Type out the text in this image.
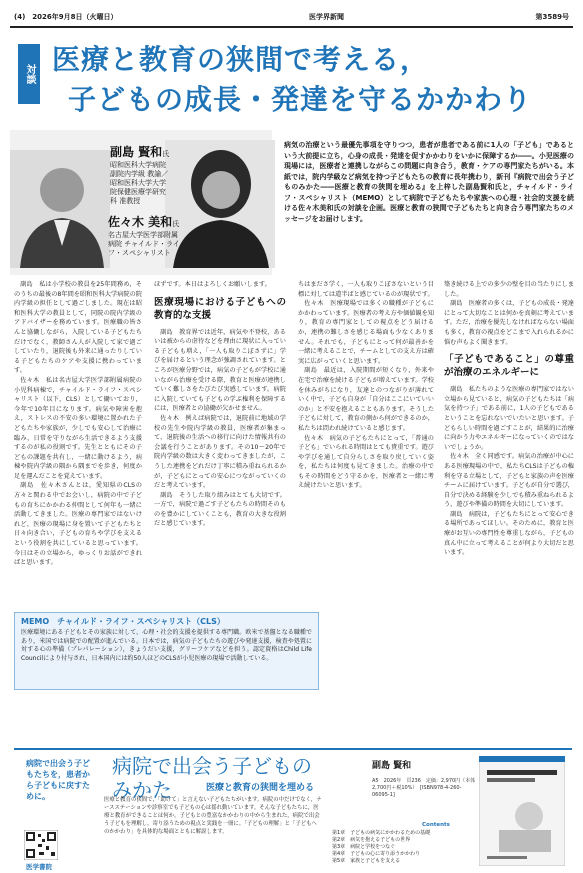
(4)　2026年9月8日（火曜日）	医学界新聞	第3589号
対談 医療と教育の狭間で考える，
子どもの成長・発達を守るかかわり
副島 賢和氏
昭和医科大学病院副院内学級 教諭／昭和医科大学大学院保健医療学研究科 准教授
佐々木 美和氏
名古屋大学医学部附属病院 チャイルド・ライフ・スペシャリスト
病気の治療という最優先事項を守りつつ，患者が患者である前に1人の「子ども」であるという大前提に立ち，心身の成長・発達を促すかかわりをいかに保障するか――。小児医療の現場には，医療者と連携しながらこの問題に向き合う，教育・ケアの専門家たちがいる。本紙では，院内学級など病気を持つ子どもたちの教育に長年携わり，新刊『病院で出会う子どものみかた――医療と教育の狭間を埋める』を上梓した副島賢和氏と，チャイルド・ライフ・スペシャリスト（MEMO）として病院で子どもたちや家族への心理・社会的支援を続ける佐々木美和氏の対談を企画。医療と教育の狭間で子どもたちと向き合う専門家たちのメッセージをお届けします。

副島　私は小学校の教員を25年間務め，そのうちの最後の8年間を昭和医科大学病院の院内学級の担任として過ごしました。現在は昭和医科大学の教員として，同院の院内学級のアドバイザーを務めています。医療職の皆さんと協働しながら，入院している子どもたちだけでなく，教師さん人が入院して家で過ごしていたり，退院後も外来に通ったりしている子どもたちのケアや支援に携わっています。

佐々木　私は名古屋大学医学部附属病院の小児科病棟で，チャイルド・ライフ・スペシャリスト（以下，CLS）として働いており，今年で10年目になります。病気や障害を抱え，ストレスの不安の多い環境に置かれた子どもたちや家族が，少しでも安心して治療に臨み，日常を守りながら生活できるよう支援するのが私の役割です。先生とともにその子どもの課題を共有し，一緒に動けるよう，病棟や院内学級の隅から隅までを歩き，何度か足を運んだことを覚えています。

副島　佐々木さんとは，愛知県のCLSの方々と関わる中でお会いし，病院の中で子どもの育ちにかかわる仲間として何年も一緒に活動してきました。医療の専門家ではないけれど，医療の現場に身を置いて子どもたちと日々向き合い，子どもの育ちや学びを支えるという役割を共にしていると思っています。今日はその立場から，ゆっくりお話ができればと思います。

ほずです。本日はよろしくお願いします。

医療現場における子どもへの教育的な支援

副島　教育界では近年，病気や不登校，あるいは被からの虐待などを理由に現状に入っている子どもも増え，「一人も取りこぼさずに」学びを届けるという理念が強調されています。ところが医療分野では，病気の子どもが学校に通いながら治療を受ける際，教育と医療が連携していく難しさをたびたび実感しています。病院に入院していても子どもの学ぶ権利を保障するには，医療者との協働が欠かせません。

佐々木　例えば病院では，退院前に地域の学校の先生や院内学級の教員，医療者が集まって，退院後の生活への移行に向けた情報共有の会議を行うことがあります。その10～20年で院内学級の数は大きく変わってきましたが，こうした連携をどれだけ丁寧に積み重ねられるかが，子どもにとっての安心につながっていくのだと考えています。

副島　そうした取り組みはとても大切です。一方で，病院で過ごす子どもたちの時間そのものを豊かにしていくことも，教育の大きな役割だと感じています。

ちはまださ学く，一人も取りこぼさないという目標に対しては道半ばと感じているのが現状です。

佐々木　医療現場では多くの職種が子どもにかかわっています。医療者の考え方や価値観を知り，教育の専門家としての視点をどう届けるか，連携の難しさを感じる場面も少なくありません。それでも，子どもにとって何が最善かを一緒に考えることで，チームとしての支え方は確実に広がっていくと思います。

副島　最近は，入院期間が短くなり，外来や在宅で治療を続ける子どもが増えています。学校を休みがちになり，友達とのつながりが薄れていく中で，子ども自身が「自分はここにいていいのか」と不安を抱えることもあります。そうした子どもに対して，教育の側から何ができるのか，私たちは問われ続けていると感じます。

佐々木　病気の子どもたちにとって，「普通の子ども」でいられる時間はとても貴重です。遊びや学びを通して自分らしさを取り戻していく姿を，私たちは何度も見てきました。治療の中でもその時間をどう守るかを，医療者と一緒に考え続けたいと思います。

築き続ける上での多少の壁を目の当たりにしました。

副島　医療者の多くは，子どもの成長・発達にとって大切なことは何かを真剣に考えています。ただ，治療を優先しなければならない場面も多く，教育の視点をどこまで入れられるかに悩む声もよく聞きます。

「子どもであること」の尊重が治療のエネルギーに

副島　私たちのような医療の専門家ではない立場から見ていると，病気の子どもたちは「病気を持つ子」である前に，1人の子どもであるということを忘れないでいたいと思います。子どもらしい時間を過ごすことが，結果的に治療に向かう力やエネルギーになっていくのではないでしょうか。

佐々木　全く同感です。病気の治療が中心にある医療現場の中で，私たちCLSは子どもの権利を守る立場として，子どもと家族の声を医療チームに届けています。子どもが自分で選び，自分で決める経験を少しでも積み重ねられるよう，遊びや準備の時間を大切にしています。

副島　病院は，子どもたちにとって安心できる場所であってほしい。そのために，教育と医療がお互いの専門性を尊重しながら，子どもの真ん中に立って考えることが何より大切だと思います。

MEMO　チャイルド・ライフ・スペシャリスト（CLS）
医療環境にある子どもとその家族に対して，心理・社会的支援を提供する専門職。欧米で基盤となる職種であり，米国では病院での配置が進んでいる。日本では，病気の子どもたちの遊びや発達支援，検査や処置に対する心の準備（プレパレーション），きょうだい支援，グリーフケアなどを担う。認定資格はChild Life Councilにより付与され，日本国内には約50人ほどのCLSが小児医療の現場で活動している。
病院で出会う子どもたちを，患者から子どもに戻すために。
病院で出会う子どもの
みかた	医療と教育の狭間を埋める
副島 賢和
A5　2026年　頁236　定価：2,970円（本体2,700円＋税10%）　[ISBN978-4-260-06095-1]
医療と教育の狭間で，「助けて」と言えない子どもたちがいます。病院の中だけでなく，ナースステーションや診察室でも子どもの心は揺れ動いています。そんな子どもたちに，医療と教育ができることは何か。子どもとの豊富なかかわりの中から生まれた，病院で出会う子どもを理解し，寄り添うための視点と実践を一冊に。「子どもの理解」と「子どもへのかかわり」を具体的な場面とともに解説します。
Contents
第1章　子どもの病気にかかわるための基礎
第2章　病気を抱える子どもの世界
第3章　病院と学校をつなぐ
第4章　子どもの心に寄り添うかかわり
第5章　家族と子どもを支える
医学書院
